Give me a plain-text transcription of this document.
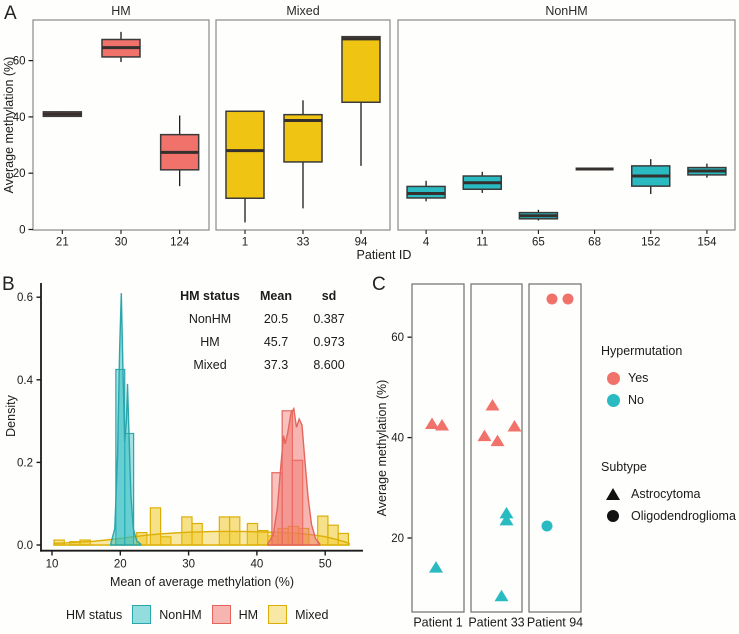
HM
21	30	124
Mixed
1	33	94
NonHM
4	11	65	68	152	154
0
20
40
60
Average methylation (%)
Patient ID
0.0
0.2
0.4
0.6
10	20	30	40	50
Density
Mean of average methylation (%)
20
40
60
Patient 1 Patient 33 Patient 94
Average methylation (%)
A
B	C
HM status	Mean	sd
NonHM	20.5	0.387
HM	45.7	0.973
Mixed	37.3	8.600
HM status	NonHM	HM	Mixed
Hypermutation
Yes
No
Subtype
Astrocytoma
Oligodendroglioma
